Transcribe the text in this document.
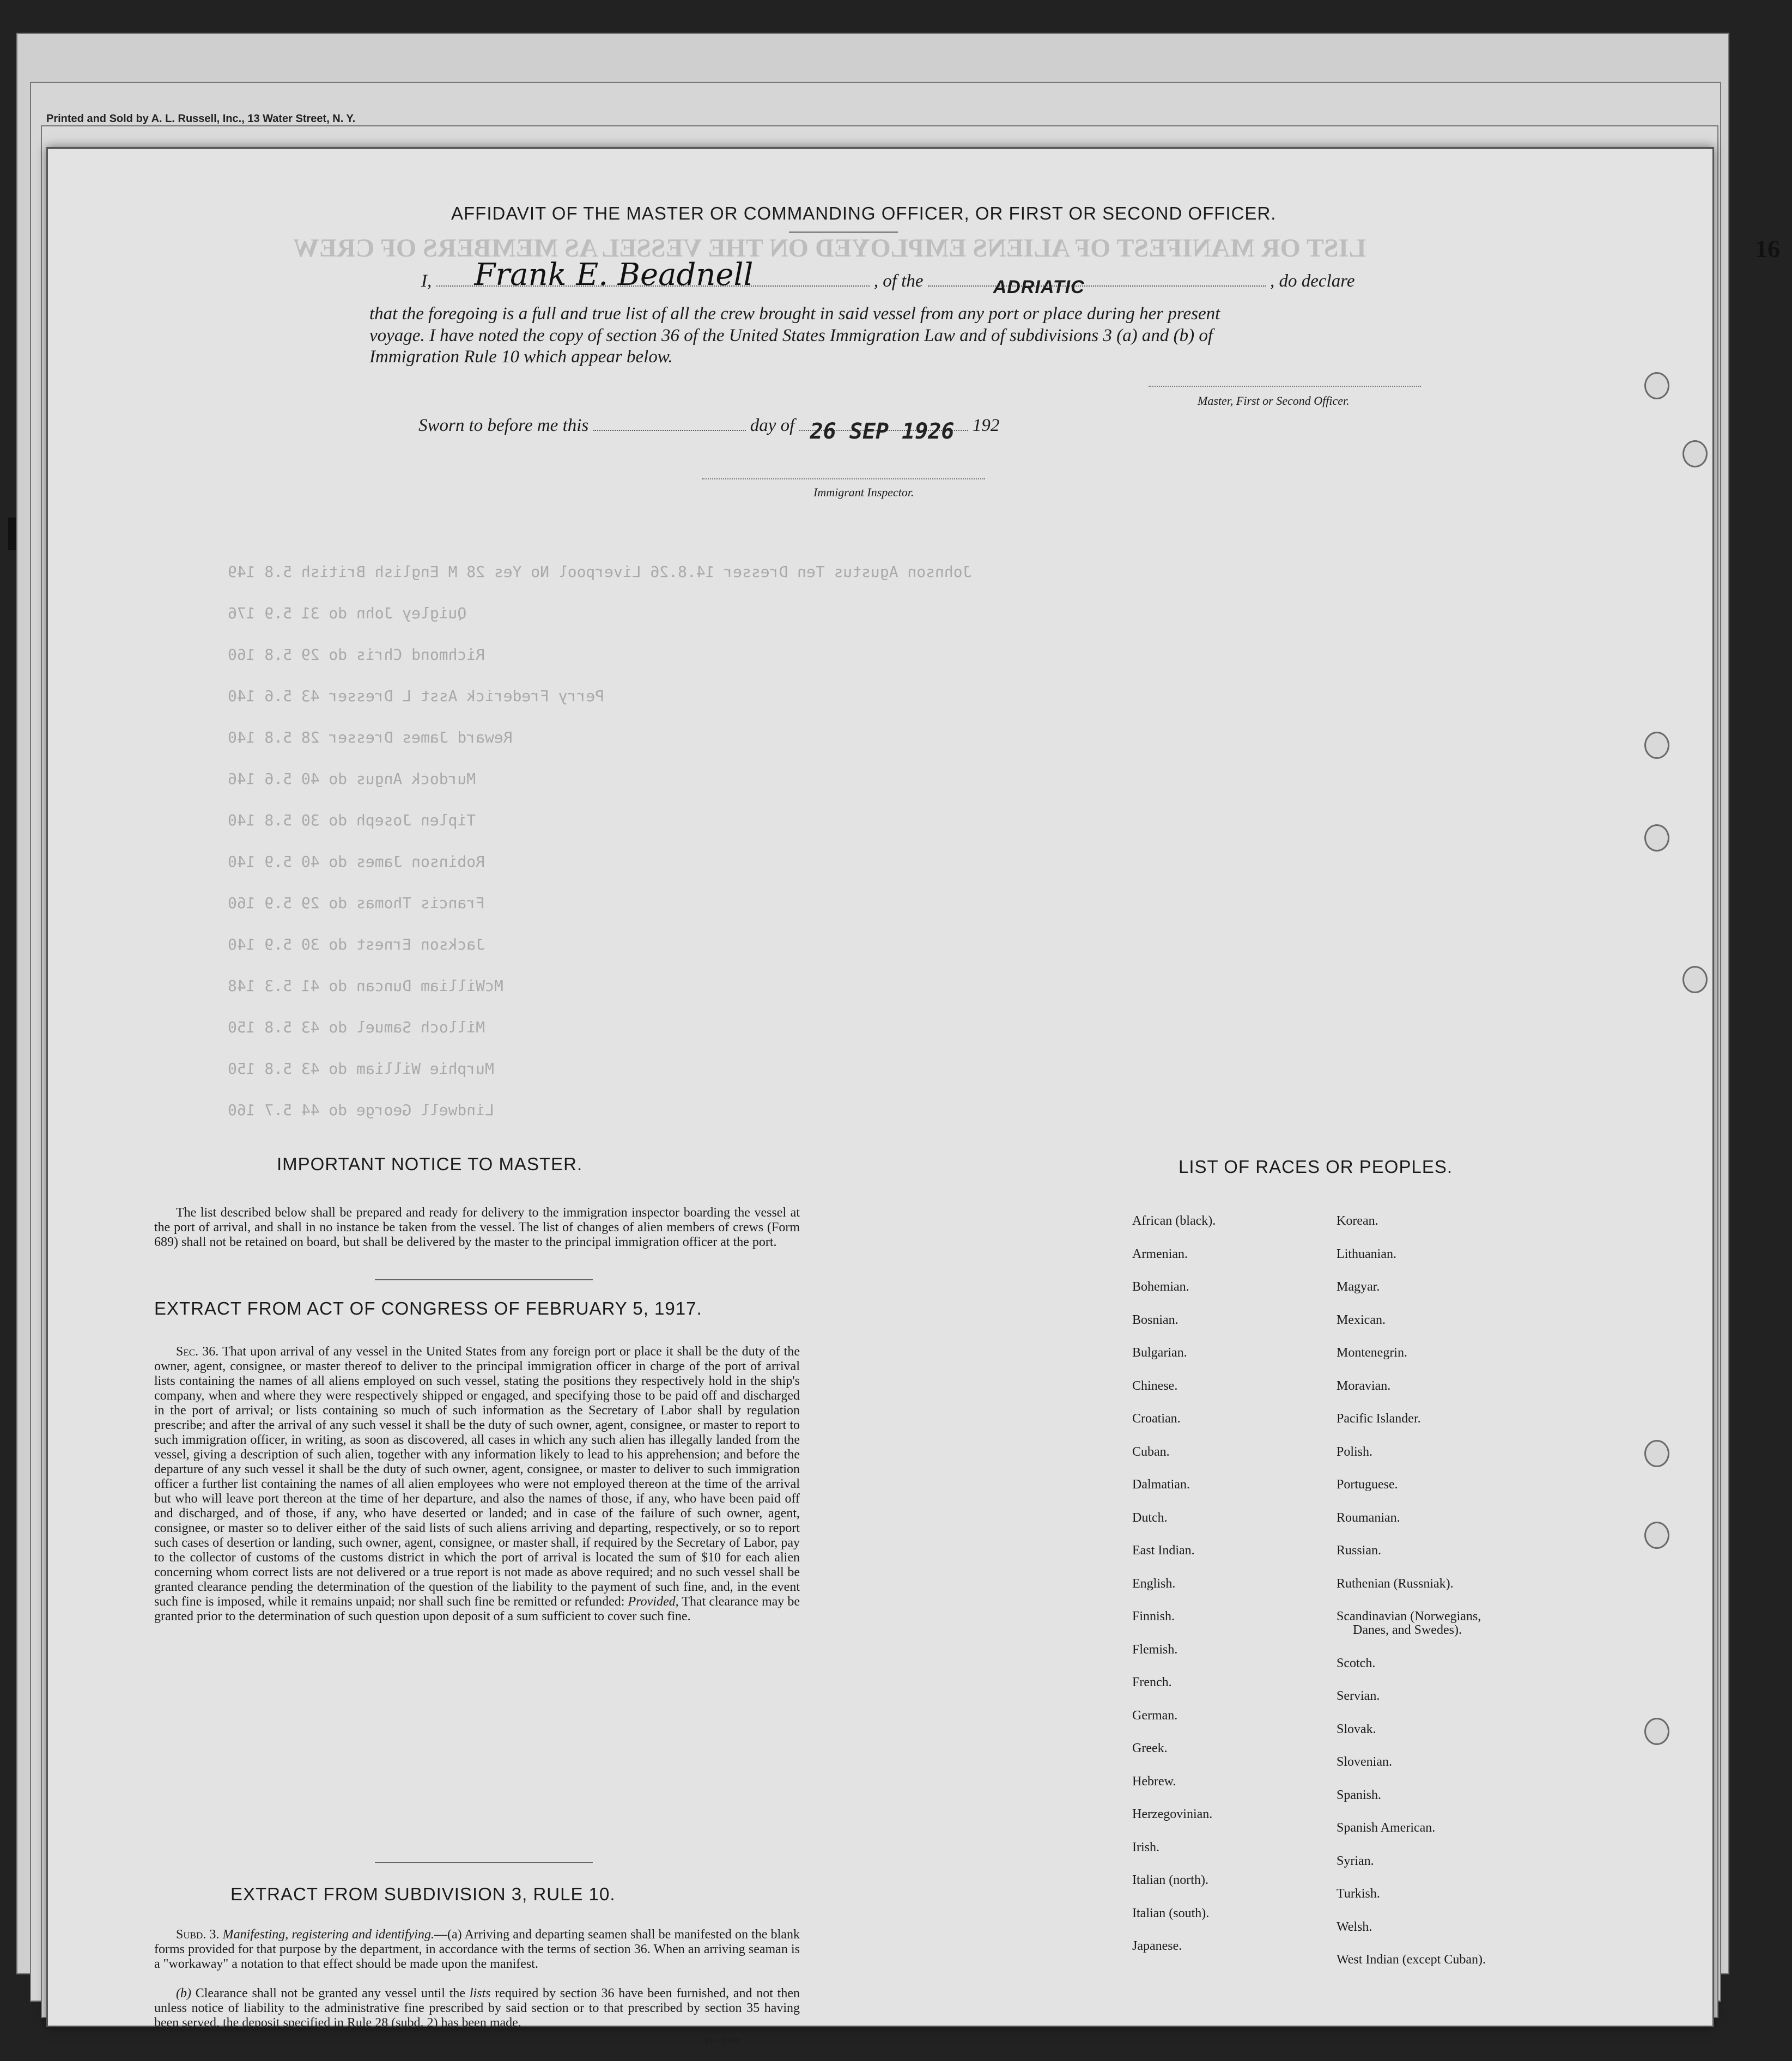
Printed and Sold by A. L. Russell, Inc., 13 Water Street, N. Y.
16
LIST OR MANIFEST OF ALIENS EMPLOYED ON THE VESSEL AS MEMBERS OF CREW
Johnson Agustus Ten Dresser 14.8.26 Liverpool No Yes 28 M English British 5.8 149
Quigley John do 31 5.9 176
Richmond Chris do 29 5.8 160
Perry Frederick Asst L Dresser 43 5.6 140
Reward James Dresser 28 5.8 140
Murdock Angus do 40 5.6 146
Tiplen Joseph do 30 5.8 140
Robinson James do 40 5.9 140
Francis Thomas do 29 5.9 160
Jackson Ernest do 30 5.9 140
McWilliam Duncan do 41 5.3 148
Milloch Samuel do 43 5.8 150
Murphie William do 43 5.8 150
Lindwell George do 44 5.7 160
AFFIDAVIT OF THE MASTER OR COMMANDING OFFICER, OR FIRST OR SECOND OFFICER.
I, Frank E. Beadnell	, of the	ADRIATIC	, do declare
that the foregoing is a full and true list of all the crew brought in said vessel from any port or place during her present
voyage. I have noted the copy of section 36 of the United States Immigration Law and of subdivisions 3 (a) and (b) of
Immigration Rule 10 which appear below.
Master, First or Second Officer.
Sworn to before me this	day of 26 SEP 1926 192
Immigrant Inspector.
IMPORTANT NOTICE TO MASTER.
The list described below shall be prepared and ready for delivery to the immigration inspector boarding the vessel at the port of arrival, and shall in no instance be taken from the vessel. The list of changes of alien members of crews (Form 689) shall not be retained on board, but shall be delivered by the master to the principal immigration officer at the port.
EXTRACT FROM ACT OF CONGRESS OF FEBRUARY 5, 1917.
Sec. 36. That upon arrival of any vessel in the United States from any foreign port or place it shall be the duty of the owner, agent, consignee, or master thereof to deliver to the principal immigration officer in charge of the port of arrival lists containing the names of all aliens employed on such vessel, stating the positions they respectively hold in the ship's company, when and where they were respectively shipped or engaged, and specifying those to be paid off and discharged in the port of arrival; or lists containing so much of such information as the Secretary of Labor shall by regulation prescribe; and after the arrival of any such vessel it shall be the duty of such owner, agent, consignee, or master to report to such immigration officer, in writing, as soon as discovered, all cases in which any such alien has illegally landed from the vessel, giving a description of such alien, together with any information likely to lead to his apprehension; and before the departure of any such vessel it shall be the duty of such owner, agent, consignee, or master to deliver to such immigration officer a further list containing the names of all alien employees who were not employed thereon at the time of the arrival but who will leave port thereon at the time of her departure, and also the names of those, if any, who have been paid off and discharged, and of those, if any, who have deserted or landed; and in case of the failure of such owner, agent, consignee, or master so to deliver either of the said lists of such aliens arriving and departing, respectively, or so to report such cases of desertion or landing, such owner, agent, consignee, or master shall, if required by the Secretary of Labor, pay to the collector of customs of the customs district in which the port of arrival is located the sum of $10 for each alien concerning whom correct lists are not delivered or a true report is not made as above required; and no such vessel shall be granted clearance pending the determination of the question of the liability to the payment of such fine, and, in the event such fine is imposed, while it remains unpaid; nor shall such fine be remitted or refunded: Provided, That clearance may be granted prior to the determination of such question upon deposit of a sum sufficient to cover such fine.
EXTRACT FROM SUBDIVISION 3, RULE 10.
Subd. 3. Manifesting, registering and identifying.—(a) Arriving and departing seamen shall be manifested on the blank forms provided for that purpose by the department, in accordance with the terms of section 36. When an arriving seaman is a "workaway" a notation to that effect should be made upon the manifest.
(b) Clearance shall not be granted any vessel until the lists required by section 36 have been furnished, and not then unless notice of liability to the administrative fine prescribed by said section or to that prescribed by section 35 having been served, the deposit specified in Rule 28 (subd. 2) has been made.
14—1240
LIST OF RACES OR PEOPLES.
African (black).
Armenian.
Bohemian.
Bosnian.
Bulgarian.
Chinese.
Croatian.
Cuban.
Dalmatian.
Dutch.
East Indian.
English.
Finnish.
Flemish.
French.
German.
Greek.
Hebrew.
Herzegovinian.
Irish.
Italian (north).
Italian (south).
Japanese.
Korean.
Lithuanian.
Magyar.
Mexican.
Montenegrin.
Moravian.
Pacific Islander.
Polish.
Portuguese.
Roumanian.
Russian.
Ruthenian (Russniak).
Scandinavian (Norwegians,
Danes, and Swedes).
Scotch.
Servian.
Slovak.
Slovenian.
Spanish.
Spanish American.
Syrian.
Turkish.
Welsh.
West Indian (except Cuban).
